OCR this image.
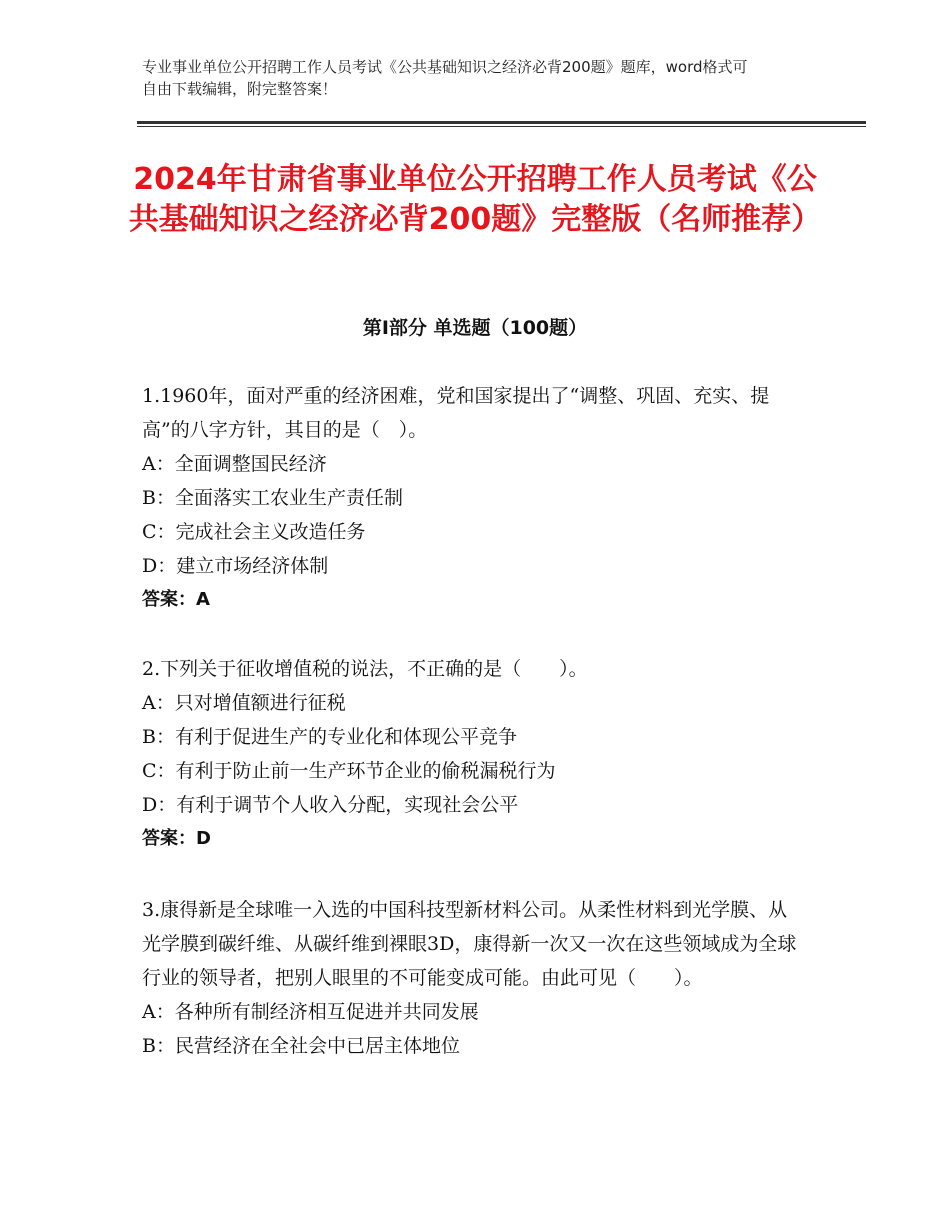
专业事业单位公开招聘工作人员考试《公共基础知识之经济必背200题》题库，word格式可自由下载编辑，附完整答案！
2024年甘肃省事业单位公开招聘工作人员考试《公共基础知识之经济必背200题》完整版（名师推荐）
第Ⅰ部分 单选题（100题）

1.1960年，面对严重的经济困难，党和国家提出了“调整、巩固、充实、提高”的八字方针，其目的是（　）。

A：全面调整国民经济

B：全面落实工农业生产责任制

C：完成社会主义改造任务

D：建立市场经济体制

答案：A

2.下列关于征收增值税的说法，不正确的是（　　）。

A：只对增值额进行征税

B：有利于促进生产的专业化和体现公平竞争

C：有利于防止前一生产环节企业的偷税漏税行为

D：有利于调节个人收入分配，实现社会公平

答案：D

3.康得新是全球唯一入选的中国科技型新材料公司。从柔性材料到光学膜、从光学膜到碳纤维、从碳纤维到裸眼3D，康得新一次又一次在这些领域成为全球行业的领导者，把别人眼里的不可能变成可能。由此可见（　　）。

A：各种所有制经济相互促进并共同发展

B：民营经济在全社会中已居主体地位
